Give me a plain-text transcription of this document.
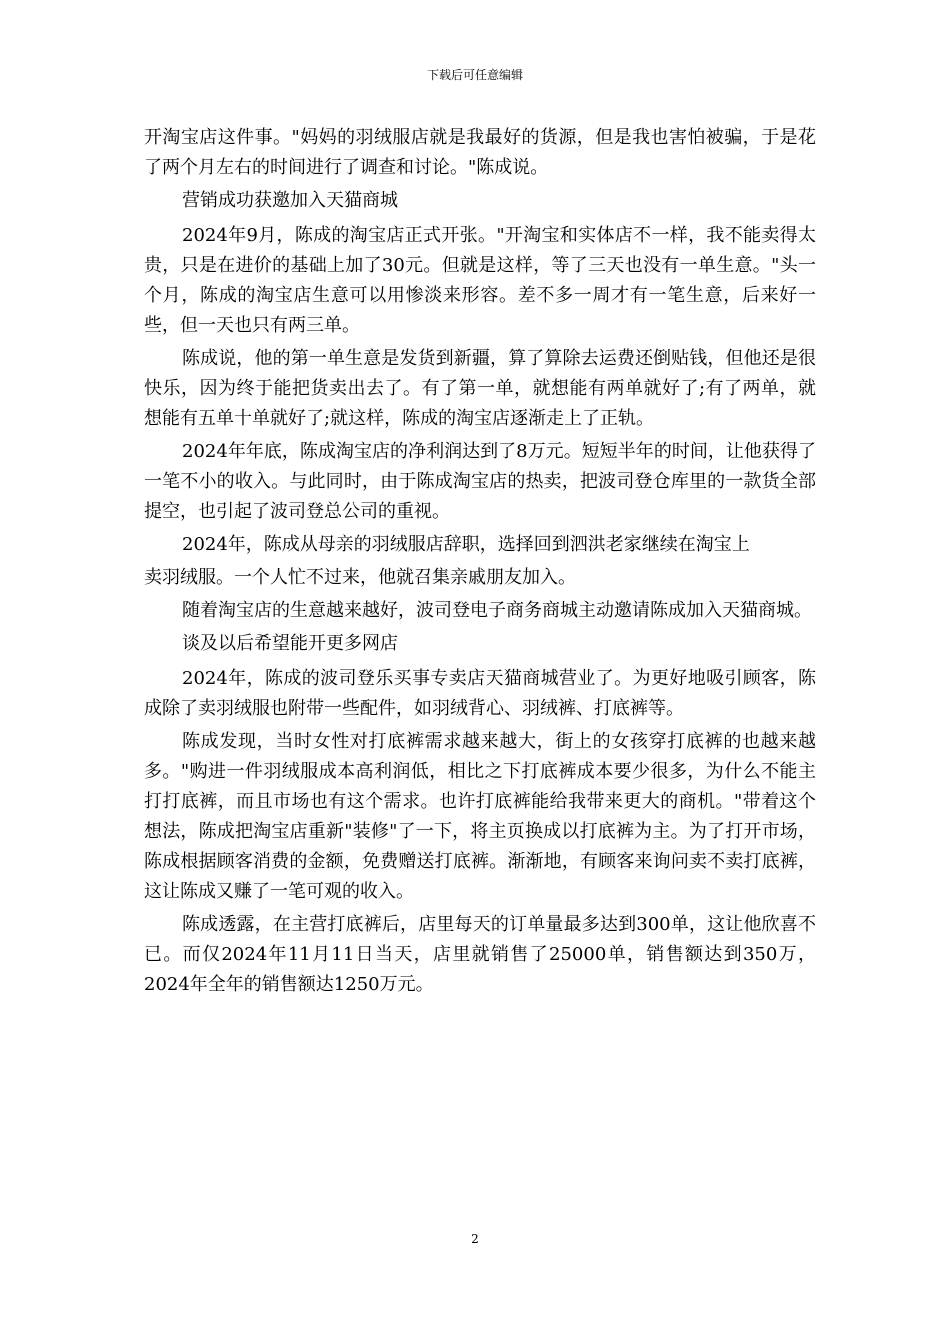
下载后可任意编辑

开淘宝店这件事。"妈妈的羽绒服店就是我最好的货源，但是我也害怕被骗，于是花了两个月左右的时间进行了调查和讨论。"陈成说。

营销成功获邀加入天猫商城

2024年9月，陈成的淘宝店正式开张。"开淘宝和实体店不一样，我不能卖得太贵，只是在进价的基础上加了30元。但就是这样，等了三天也没有一单生意。"头一个月，陈成的淘宝店生意可以用惨淡来形容。差不多一周才有一笔生意，后来好一些，但一天也只有两三单。

陈成说，他的第一单生意是发货到新疆，算了算除去运费还倒贴钱，但他还是很快乐，因为终于能把货卖出去了。有了第一单，就想能有两单就好了;有了两单，就想能有五单十单就好了;就这样，陈成的淘宝店逐渐走上了正轨。

2024年年底，陈成淘宝店的净利润达到了8万元。短短半年的时间，让他获得了一笔不小的收入。与此同时，由于陈成淘宝店的热卖，把波司登仓库里的一款货全部提空，也引起了波司登总公司的重视。

2024年，陈成从母亲的羽绒服店辞职，选择回到泗洪老家继续在淘宝上

卖羽绒服。一个人忙不过来，他就召集亲戚朋友加入。

随着淘宝店的生意越来越好，波司登电子商务商城主动邀请陈成加入天猫商城。

谈及以后希望能开更多网店

2024年，陈成的波司登乐买事专卖店天猫商城营业了。为更好地吸引顾客，陈成除了卖羽绒服也附带一些配件，如羽绒背心、羽绒裤、打底裤等。

陈成发现，当时女性对打底裤需求越来越大，街上的女孩穿打底裤的也越来越多。"购进一件羽绒服成本高利润低，相比之下打底裤成本要少很多，为什么不能主打打底裤，而且市场也有这个需求。也许打底裤能给我带来更大的商机。"带着这个想法，陈成把淘宝店重新"装修"了一下，将主页换成以打底裤为主。为了打开市场，陈成根据顾客消费的金额，免费赠送打底裤。渐渐地，有顾客来询问卖不卖打底裤，这让陈成又赚了一笔可观的收入。

陈成透露，在主营打底裤后，店里每天的订单量最多达到300单，这让他欣喜不已。而仅2024年11月11日当天，店里就销售了25000单，销售额达到350万，2024年全年的销售额达1250万元。

2
